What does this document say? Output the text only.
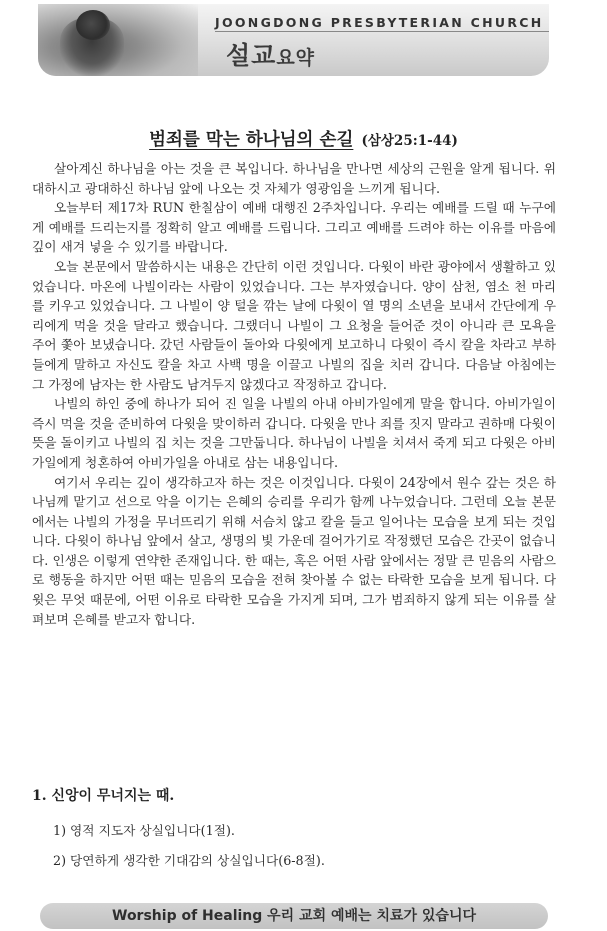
JOONGDONG PRESBYTERIAN CHURCH
설교요약
범죄를 막는 하나님의 손길 (삼상25:1-44)

살아계신 하나님을 아는 것을 큰 복입니다. 하나님을 만나면 세상의 근원을 알게 됩니다. 위대하시고 광대하신 하나님 앞에 나오는 것 자체가 영광임을 느끼게 됩니다.

오늘부터 제17차 RUN 한칠삼이 예배 대행진 2주차입니다. 우리는 예배를 드릴 때 누구에게 예배를 드리는지를 정확히 알고 예배를 드립니다. 그리고 예배를 드려야 하는 이유를 마음에 깊이 새겨 넣을 수 있기를 바랍니다.

오늘 본문에서 말씀하시는 내용은 간단히 이런 것입니다. 다윗이 바란 광야에서 생활하고 있었습니다. 마온에 나빌이라는 사람이 있었습니다. 그는 부자였습니다. 양이 삼천, 염소 천 마리를 키우고 있었습니다. 그 나빌이 양 털을 깎는 날에 다윗이 열 명의 소년을 보내서 간단에게 우리에게 먹을 것을 달라고 했습니다. 그랬더니 나빌이 그 요청을 들어준 것이 아니라 큰 모욕을 주어 쫓아 보냈습니다. 갔던 사람들이 돌아와 다윗에게 보고하니 다윗이 즉시 칼을 차라고 부하들에게 말하고 자신도 칼을 차고 사백 명을 이끌고 나빌의 집을 치러 갑니다. 다음날 아침에는 그 가정에 남자는 한 사람도 남겨두지 않겠다고 작정하고 갑니다.

나빌의 하인 중에 하나가 되어 진 일을 나빌의 아내 아비가일에게 말을 합니다. 아비가일이 즉시 먹을 것을 준비하여 다윗을 맞이하러 갑니다. 다윗을 만나 죄를 짓지 말라고 권하매 다윗이 뜻을 돌이키고 나빌의 집 치는 것을 그만둡니다. 하나님이 나빌을 치셔서 죽게 되고 다윗은 아비가일에게 청혼하여 아비가일을 아내로 삼는 내용입니다.

여기서 우리는 깊이 생각하고자 하는 것은 이것입니다. 다윗이 24장에서 원수 갚는 것은 하나님께 맡기고 선으로 악을 이기는 은혜의 승리를 우리가 함께 나누었습니다. 그런데 오늘 본문에서는 나빌의 가정을 무너뜨리기 위해 서슴치 않고 칼을 들고 일어나는 모습을 보게 되는 것입니다. 다윗이 하나님 앞에서 살고, 생명의 빛 가운데 걸어가기로 작정했던 모습은 간곳이 없습니다. 인생은 이렇게 연약한 존재입니다. 한 때는, 혹은 어떤 사람 앞에서는 정말 큰 믿음의 사람으로 행동을 하지만 어떤 때는 믿음의 모습을 전혀 찾아볼 수 없는 타락한 모습을 보게 됩니다. 다윗은 무엇 때문에, 어떤 이유로 타락한 모습을 가지게 되며, 그가 범죄하지 않게 되는 이유를 살펴보며 은혜를 받고자 합니다.

1. 신앙이 무너지는 때.
1) 영적 지도자 상실입니다(1절).
2) 당연하게 생각한 기대감의 상실입니다(6-8절).
Worship of Healing 우리 교회 예배는 치료가 있습니다
